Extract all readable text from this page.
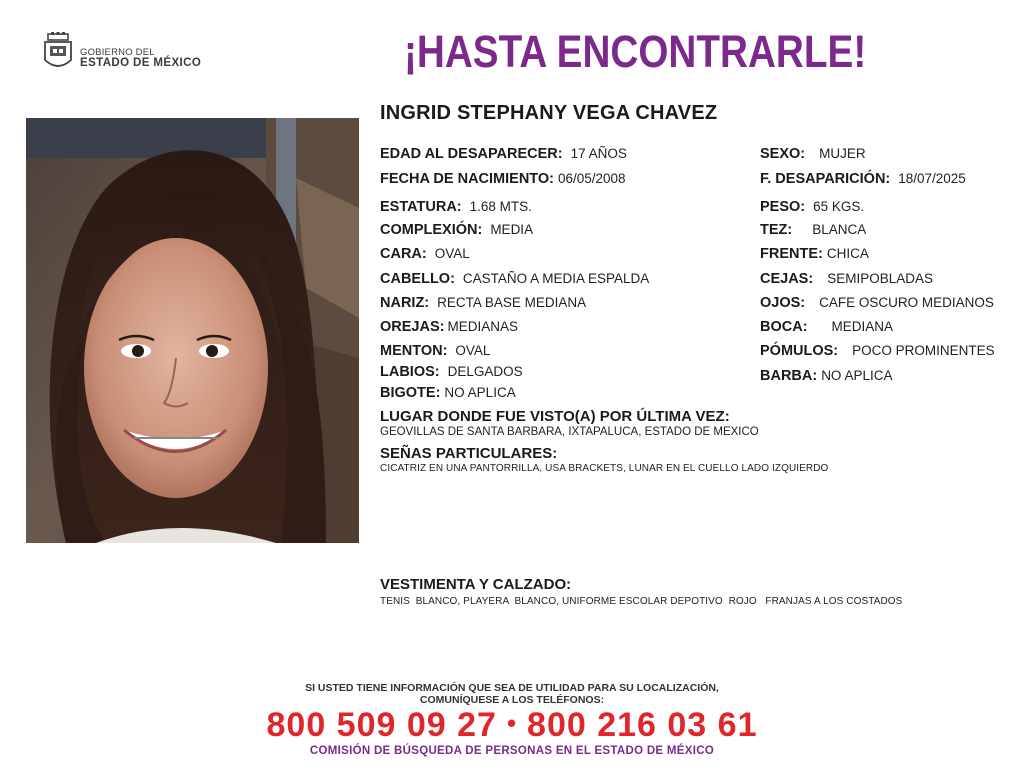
GOBIERNO DEL
ESTADO DE MÉXICO	¡HASTA ENCONTRARLE!
INGRID STEPHANY VEGA CHAVEZ
EDAD AL DESAPARECER: 17 AÑOS
FECHA DE NACIMIENTO: 06/05/2008
ESTATURA: 1.68 MTS.
COMPLEXIÓN: MEDIA
CARA: OVAL
CABELLO: CASTAÑO A MEDIA ESPALDA
NARIZ: RECTA BASE MEDIANA
OREJAS: MEDIANAS
MENTON: OVAL
LABIOS: DELGADOS
BIGOTE: NO APLICA
SEXO: MUJER
F. DESAPARICIÓN: 18/07/2025
PESO: 65 KGS.
TEZ: BLANCA
FRENTE: CHICA
CEJAS: SEMIPOBLADAS
OJOS: CAFE OSCURO MEDIANOS
BOCA: MEDIANA
PÓMULOS: POCO PROMINENTES
BARBA: NO APLICA
LUGAR DONDE FUE VISTO(A) POR ÚLTIMA VEZ:
GEOVILLAS DE SANTA BARBARA, IXTAPALUCA, ESTADO DE MEXICO
SEÑAS PARTICULARES:
CICATRIZ EN UNA PANTORRILLA, USA BRACKETS, LUNAR EN EL CUELLO LADO IZQUIERDO
VESTIMENTA Y CALZADO:
TENIS  BLANCO, PLAYERA  BLANCO, UNIFORME ESCOLAR DEPOTIVO  ROJO   FRANJAS A LOS COSTADOS
SI USTED TIENE INFORMACIÓN QUE SEA DE UTILIDAD PARA SU LOCALIZACIÓN,
COMUNÍQUESE A LOS TELÉFONOS:
800 509 09 27 • 800 216 03 61
COMISIÓN DE BÚSQUEDA DE PERSONAS EN EL ESTADO DE MÉXICO
